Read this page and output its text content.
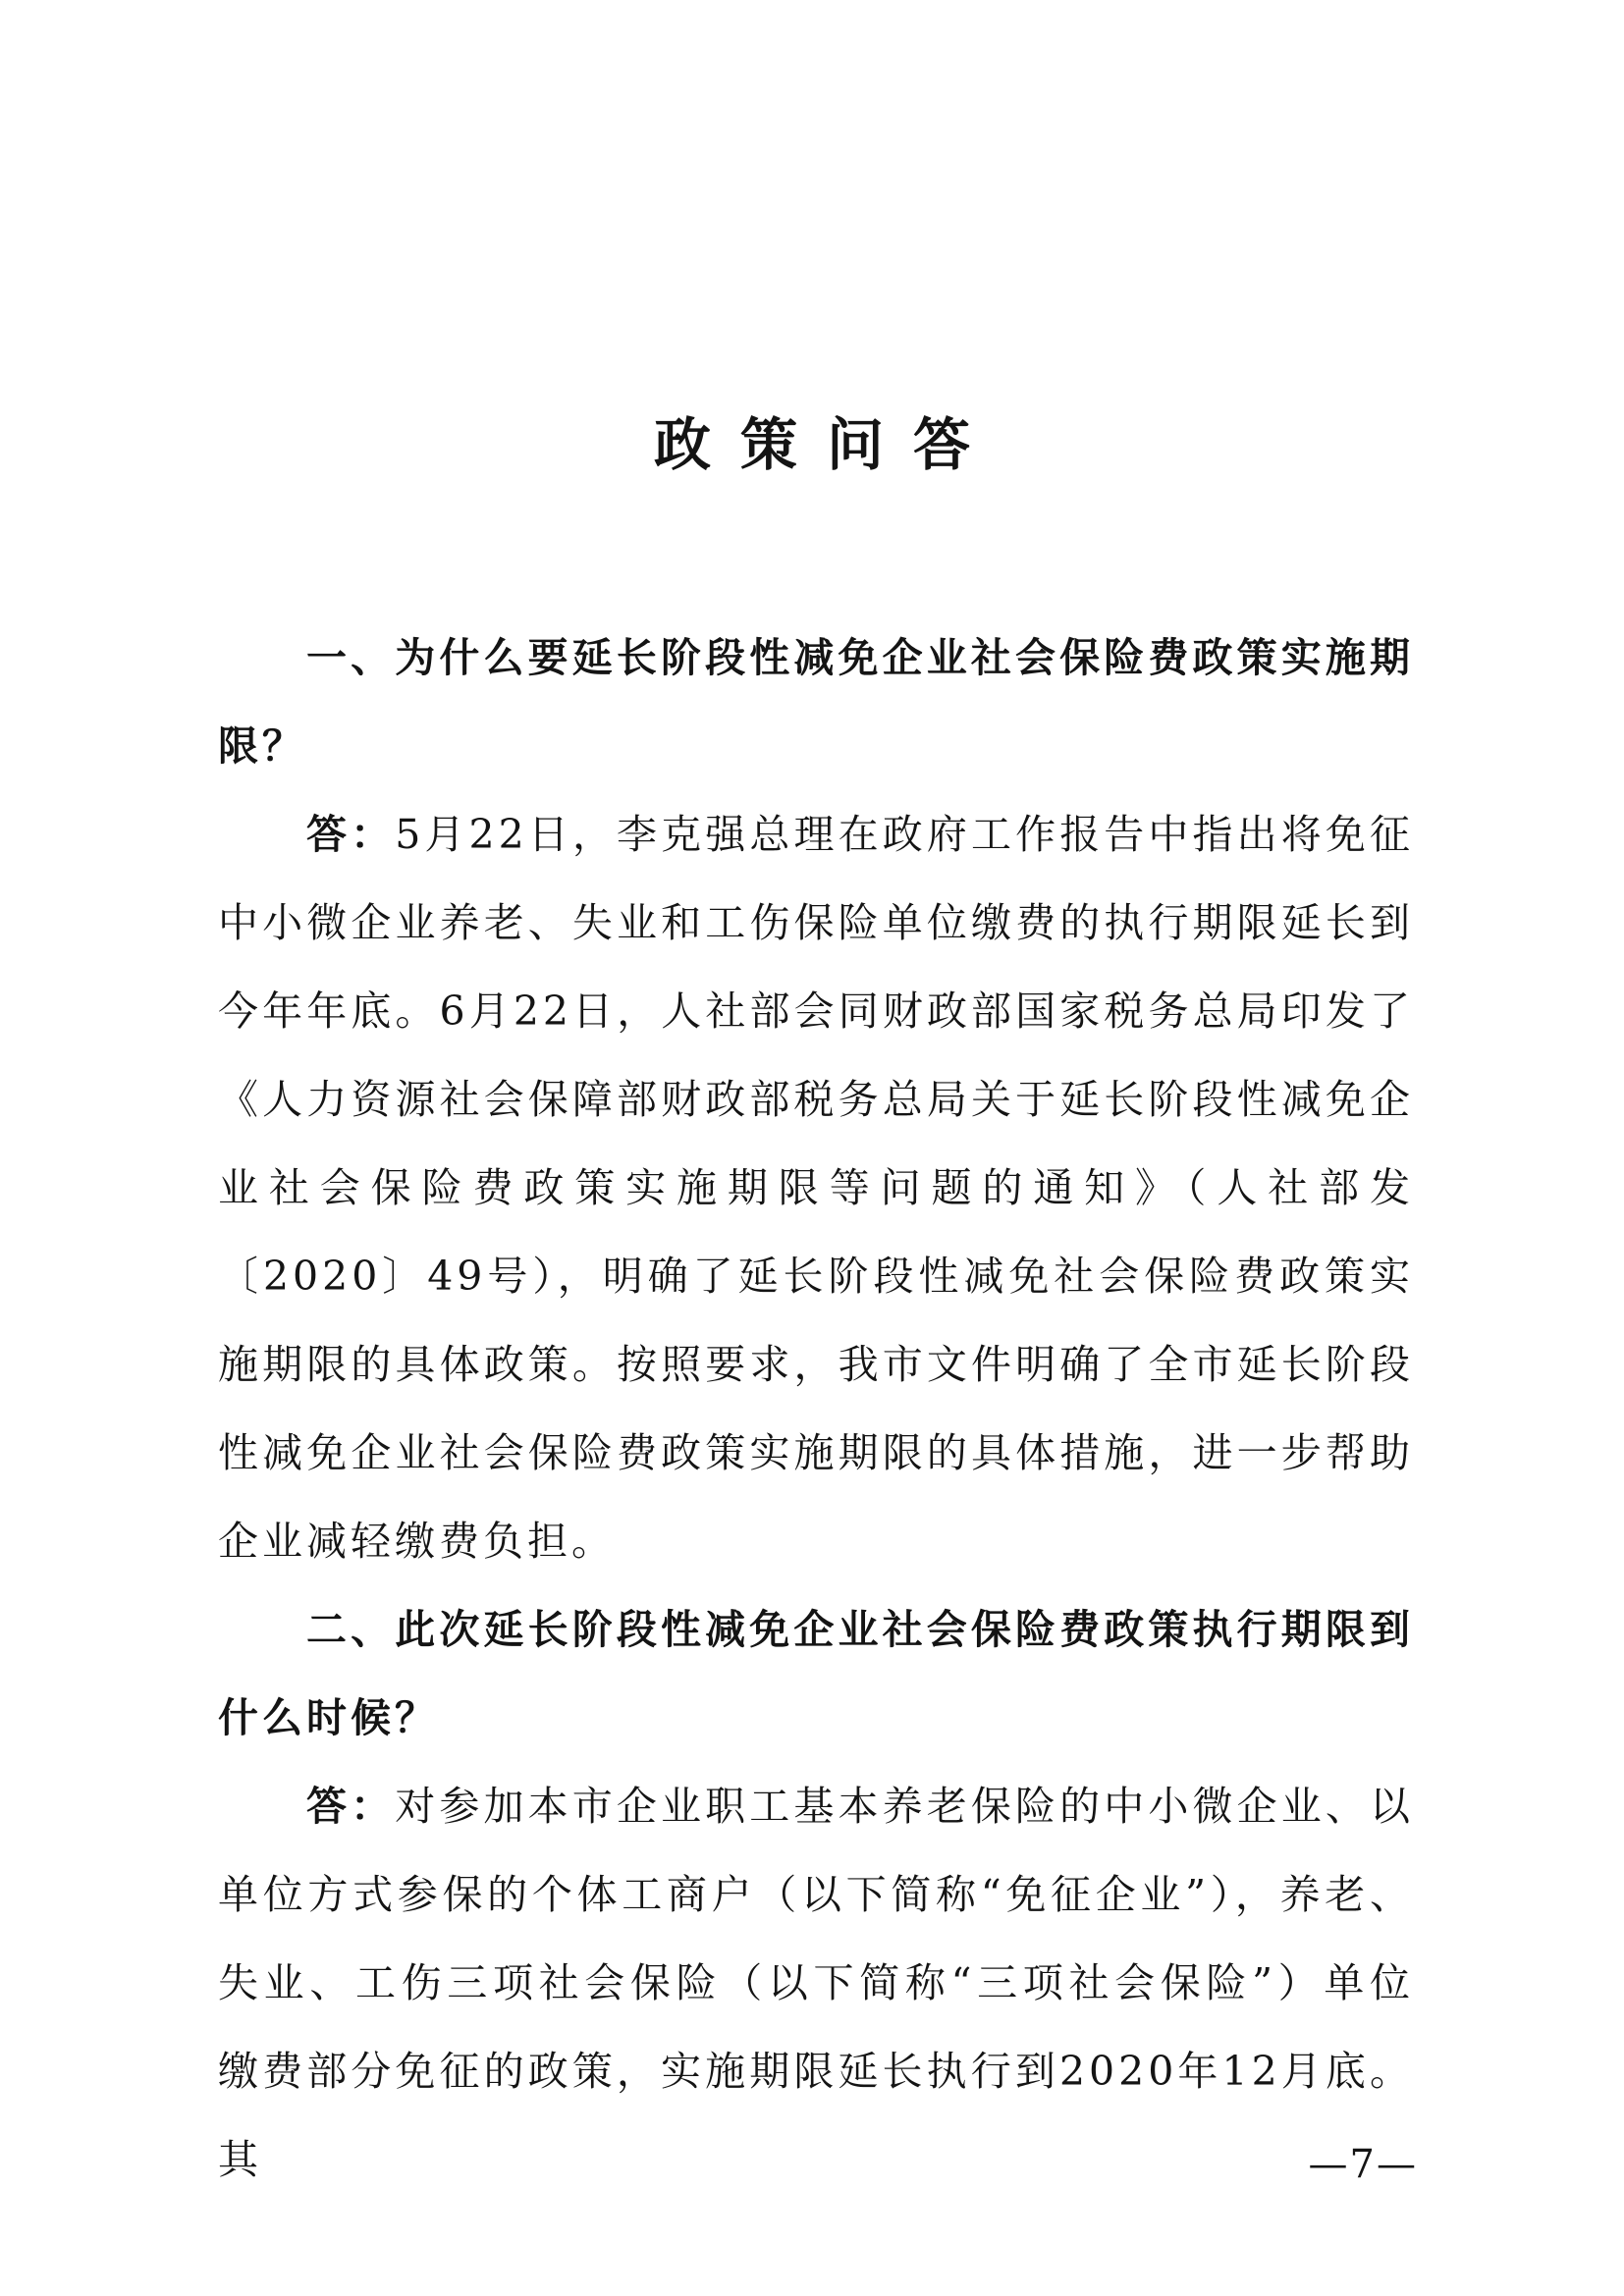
政策问答

一、为什么要延长阶段性减免企业社会保险费政策实施期限？

答：5月22日，李克强总理在政府工作报告中指出将免征中小微企业养老、失业和工伤保险单位缴费的执行期限延长到今年年底。6月22日，人社部会同财政部国家税务总局印发了《人力资源社会保障部财政部税务总局关于延长阶段性减免企业社会保险费政策实施期限等问题的通知》（人社部发〔2020〕49号），明确了延长阶段性减免社会保险费政策实施期限的具体政策。按照要求，我市文件明确了全市延长阶段性减免企业社会保险费政策实施期限的具体措施，进一步帮助企业减轻缴费负担。

二、此次延长阶段性减免企业社会保险费政策执行期限到什么时候？

答：对参加本市企业职工基本养老保险的中小微企业、以单位方式参保的个体工商户（以下简称“免征企业”），养老、失业、工伤三项社会保险（以下简称“三项社会保险”）单位缴费部分免征的政策，实施期限延长执行到2020年12月底。其	—7—
